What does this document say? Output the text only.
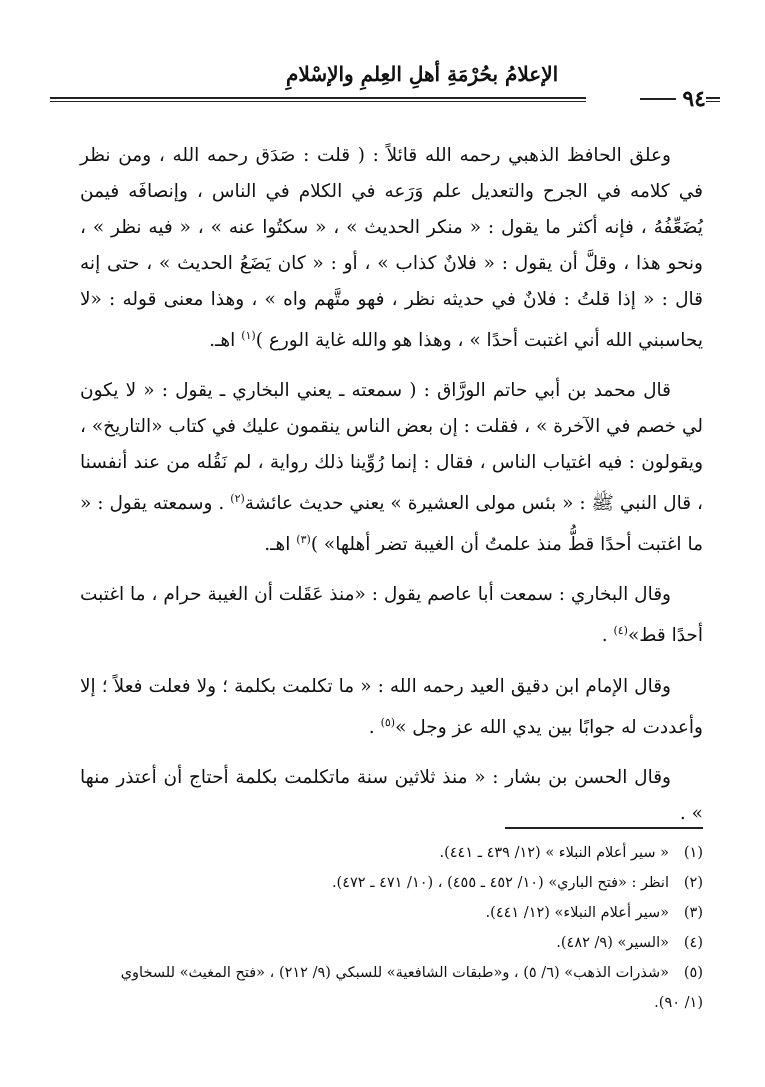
الإعلامُ بحُرْمَةِ أهلِ العِلمِ والإسْلامِ
٩٤

وعلق الحافظ الذهبي رحمه الله قائلاً : ( قلت : صَدَق رحمه الله ، ومن نظر في كلامه في الجرح والتعديل علم وَرَعه في الكلام في الناس ، وإنصافَه فيمن يُضَعِّفُهُ ، فإنه أكثر ما يقول : « منكر الحديث » ، « سكتُوا عنه » ، « فيه نظر » ، ونحو هذا ، وقلَّ أن يقول : « فلانٌ كذاب » ، أو : « كان يَضَعُ الحديث » ، حتى إنه قال : « إذا قلتُ : فلانٌ في حديثه نظر ، فهو متَّهم واه » ، وهذا معنى قوله : «لا يحاسبني الله أني اغتبت أحدًا » ، وهذا هو والله غاية الورع )$^{(١)}$ اهـ.

قال محمد بن أبي حاتم الورَّاق : ( سمعته ـ يعني البخاري ـ يقول : « لا يكون لي خصم في الآخرة » ، فقلت : إن بعض الناس ينقمون عليك في كتاب «التاريخ» ، ويقولون : فيه اغتياب الناس ، فقال : إنما رُوِّينا ذلك رواية ، لم نَقُله من عند أنفسنا ، قال النبي ﷺ : « بئس مولى العشيرة » يعني حديث عائشة$^{(٢)}$ . وسمعته يقول : « ما اغتبت أحدًا قطُّ منذ علمتُ أن الغيبة تضر أهلها» )$^{(٣)}$ اهـ.

وقال البخاري : سمعت أبا عاصم يقول : «منذ عَقَلت أن الغيبة حرام ، ما اغتبت أحدًا قط»$^{(٤)}$ .

وقال الإمام ابن دقيق العيد رحمه الله : « ما تكلمت بكلمة ؛ ولا فعلت فعلاً ؛ إلا وأعددت له جوابًا بين يدي الله عز وجل »$^{(٥)}$ .

وقال الحسن بن بشار : « منذ ثلاثين سنة ماتكلمت بكلمة أحتاج أن أعتذر منها » .

(١)« سير أعلام النبلاء » (١٢/ ٤٣٩ ـ ٤٤١).
(٢)انظر : «فتح الباري» (١٠/ ٤٥٢ ـ ٤٥٥) ، (١٠/ ٤٧١ ـ ٤٧٢).
(٣)«سير أعلام النبلاء» (١٢/ ٤٤١).
(٤)«السير» (٩/ ٤٨٢).
(٥)«شذرات الذهب» (٦/ ٥) ، و«طبقات الشافعية» للسبكي (٩/ ٢١٢) ، «فتح المغيث» للسخاوي
(١/ ٩٠).
